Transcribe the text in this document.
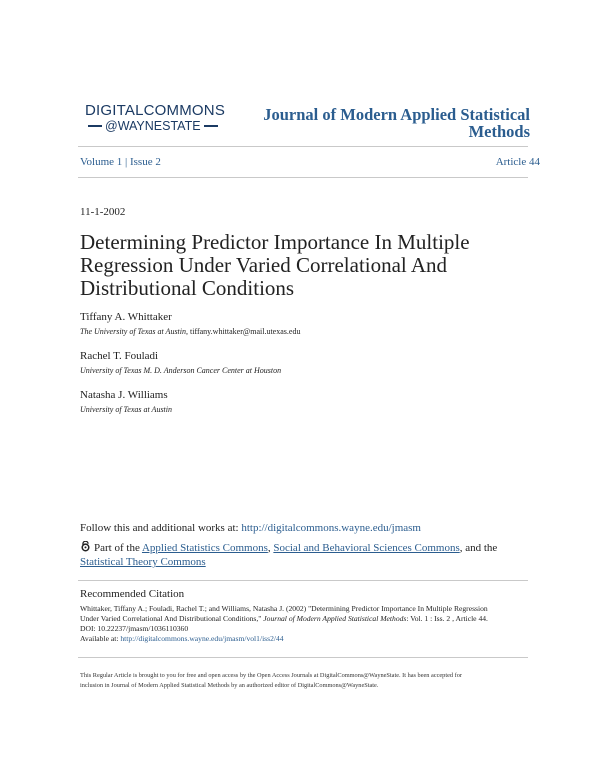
DIGITALCOMMONS
@WAYNESTATE
Journal of Modern Applied Statistical Methods
Volume 1 | Issue 2	Article 44
11-1-2002
Determining Predictor Importance In Multiple Regression Under Varied Correlational And Distributional Conditions
Tiffany A. Whittaker
The University of Texas at Austin, tiffany.whittaker@mail.utexas.edu
Rachel T. Fouladi
University of Texas M. D. Anderson Cancer Center at Houston
Natasha J. Williams
University of Texas at Austin
Follow this and additional works at: http://digitalcommons.wayne.edu/jmasm
Part of the Applied Statistics Commons, Social and Behavioral Sciences Commons, and the
Statistical Theory Commons
Recommended Citation
Whittaker, Tiffany A.; Fouladi, Rachel T.; and Williams, Natasha J. (2002) "Determining Predictor Importance In Multiple Regression
Under Varied Correlational And Distributional Conditions," Journal of Modern Applied Statistical Methods: Vol. 1 : Iss. 2 , Article 44.
DOI: 10.22237/jmasm/1036110360
Available at: http://digitalcommons.wayne.edu/jmasm/vol1/iss2/44
This Regular Article is brought to you for free and open access by the Open Access Journals at DigitalCommons@WayneState. It has been accepted for
inclusion in Journal of Modern Applied Statistical Methods by an authorized editor of DigitalCommons@WayneState.
